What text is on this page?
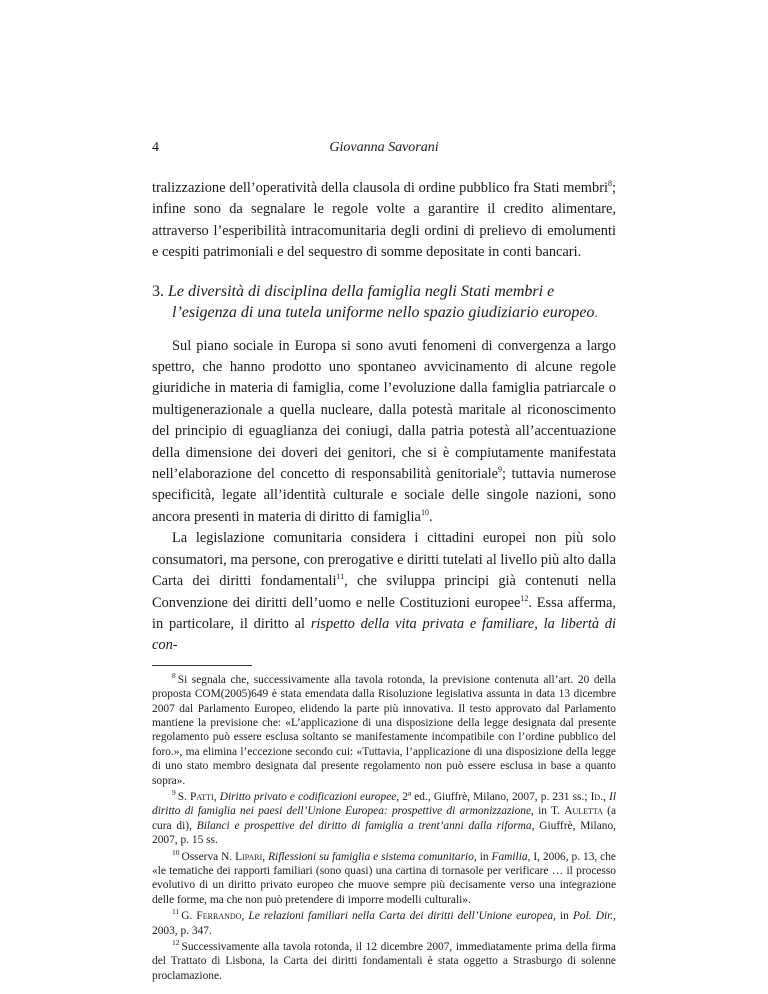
4	Giovanna Savorani

tralizzazione dell’operatività della clausola di ordine pubblico fra Stati membri$^8$; infine sono da segnalare le regole volte a garantire il credito alimentare, attraverso l’esperibilità intracomunitaria degli ordini di prelievo di emolumenti e cespiti patrimoniali e del sequestro di somme depositate in conti bancari.

3. Le diversità di disciplina della famiglia negli Stati membri e l’esigenza di una tutela uniforme nello spazio giudiziario europeo.

Sul piano sociale in Europa si sono avuti fenomeni di convergenza a largo spettro, che hanno prodotto uno spontaneo avvicinamento di alcune regole giuridiche in materia di famiglia, come l’evoluzione dalla famiglia patriarcale o multigenerazionale a quella nucleare, dalla potestà maritale al riconoscimento del principio di eguaglianza dei coniugi, dalla patria potestà all’accentuazione della dimensione dei doveri dei genitori, che si è compiutamente manifestata nell’elaborazione del concetto di responsabilità genitoriale$^9$; tuttavia numerose specificità, legate all’identità culturale e sociale delle singole nazioni, sono ancora presenti in materia di diritto di famiglia$^{10}$.

La legislazione comunitaria considera i cittadini europei non più solo consumatori, ma persone, con prerogative e diritti tutelati al livello più alto dalla Carta dei diritti fondamentali$^{11}$, che sviluppa principi già contenuti nella Convenzione dei diritti dell’uomo e nelle Costituzioni europee$^{12}$. Essa afferma, in particolare, il diritto al rispetto della vita privata e familiare, la libertà di con-

$^8$ Si segnala che, successivamente alla tavola rotonda, la previsione contenuta all’art. 20 della proposta COM(2005)649 è stata emendata dalla Risoluzione legislativa assunta in data 13 dicembre 2007 dal Parlamento Europeo, elidendo la parte più innovativa. Il testo approvato dal Parlamento mantiene la previsione che: «L’applicazione di una disposizione della legge designata dal presente regolamento può essere esclusa soltanto se manifestamente incompatibile con l’ordine pubblico del foro.», ma elimina l’eccezione secondo cui: «Tuttavia, l’applicazione di una disposizione della legge di uno stato membro designata dal presente regolamento non può essere esclusa in base a quanto sopra».

$^9$ S. Patti, Diritto privato e codificazioni europee, 2ª ed., Giuffrè, Milano, 2007, p. 231 ss.; Id., Il diritto di famiglia nei paesi dell’Unione Europea: prospettive di armonizzazione, in T. Auletta (a cura di), Bilanci e prospettive del diritto di famiglia a trent’anni dalla riforma, Giuffrè, Milano, 2007, p. 15 ss.

$^{10}$ Osserva N. Lipari, Riflessioni su famiglia e sistema comunitario, in Familia, I, 2006, p. 13, che «le tematiche dei rapporti familiari (sono quasi) una cartina di tornasole per verificare … il processo evolutivo di un diritto privato europeo che muove sempre più decisamente verso una integrazione delle forme, ma che non può pretendere di imporre modelli culturali».

$^{11}$ G. Ferrando, Le relazioni familiari nella Carta dei diritti dell’Unione europea, in Pol. Dir., 2003, p. 347.

$^{12}$ Successivamente alla tavola rotonda, il 12 dicembre 2007, immediatamente prima della firma del Trattato di Lisbona, la Carta dei diritti fondamentali è stata oggetto a Strasburgo di solenne proclamazione.
